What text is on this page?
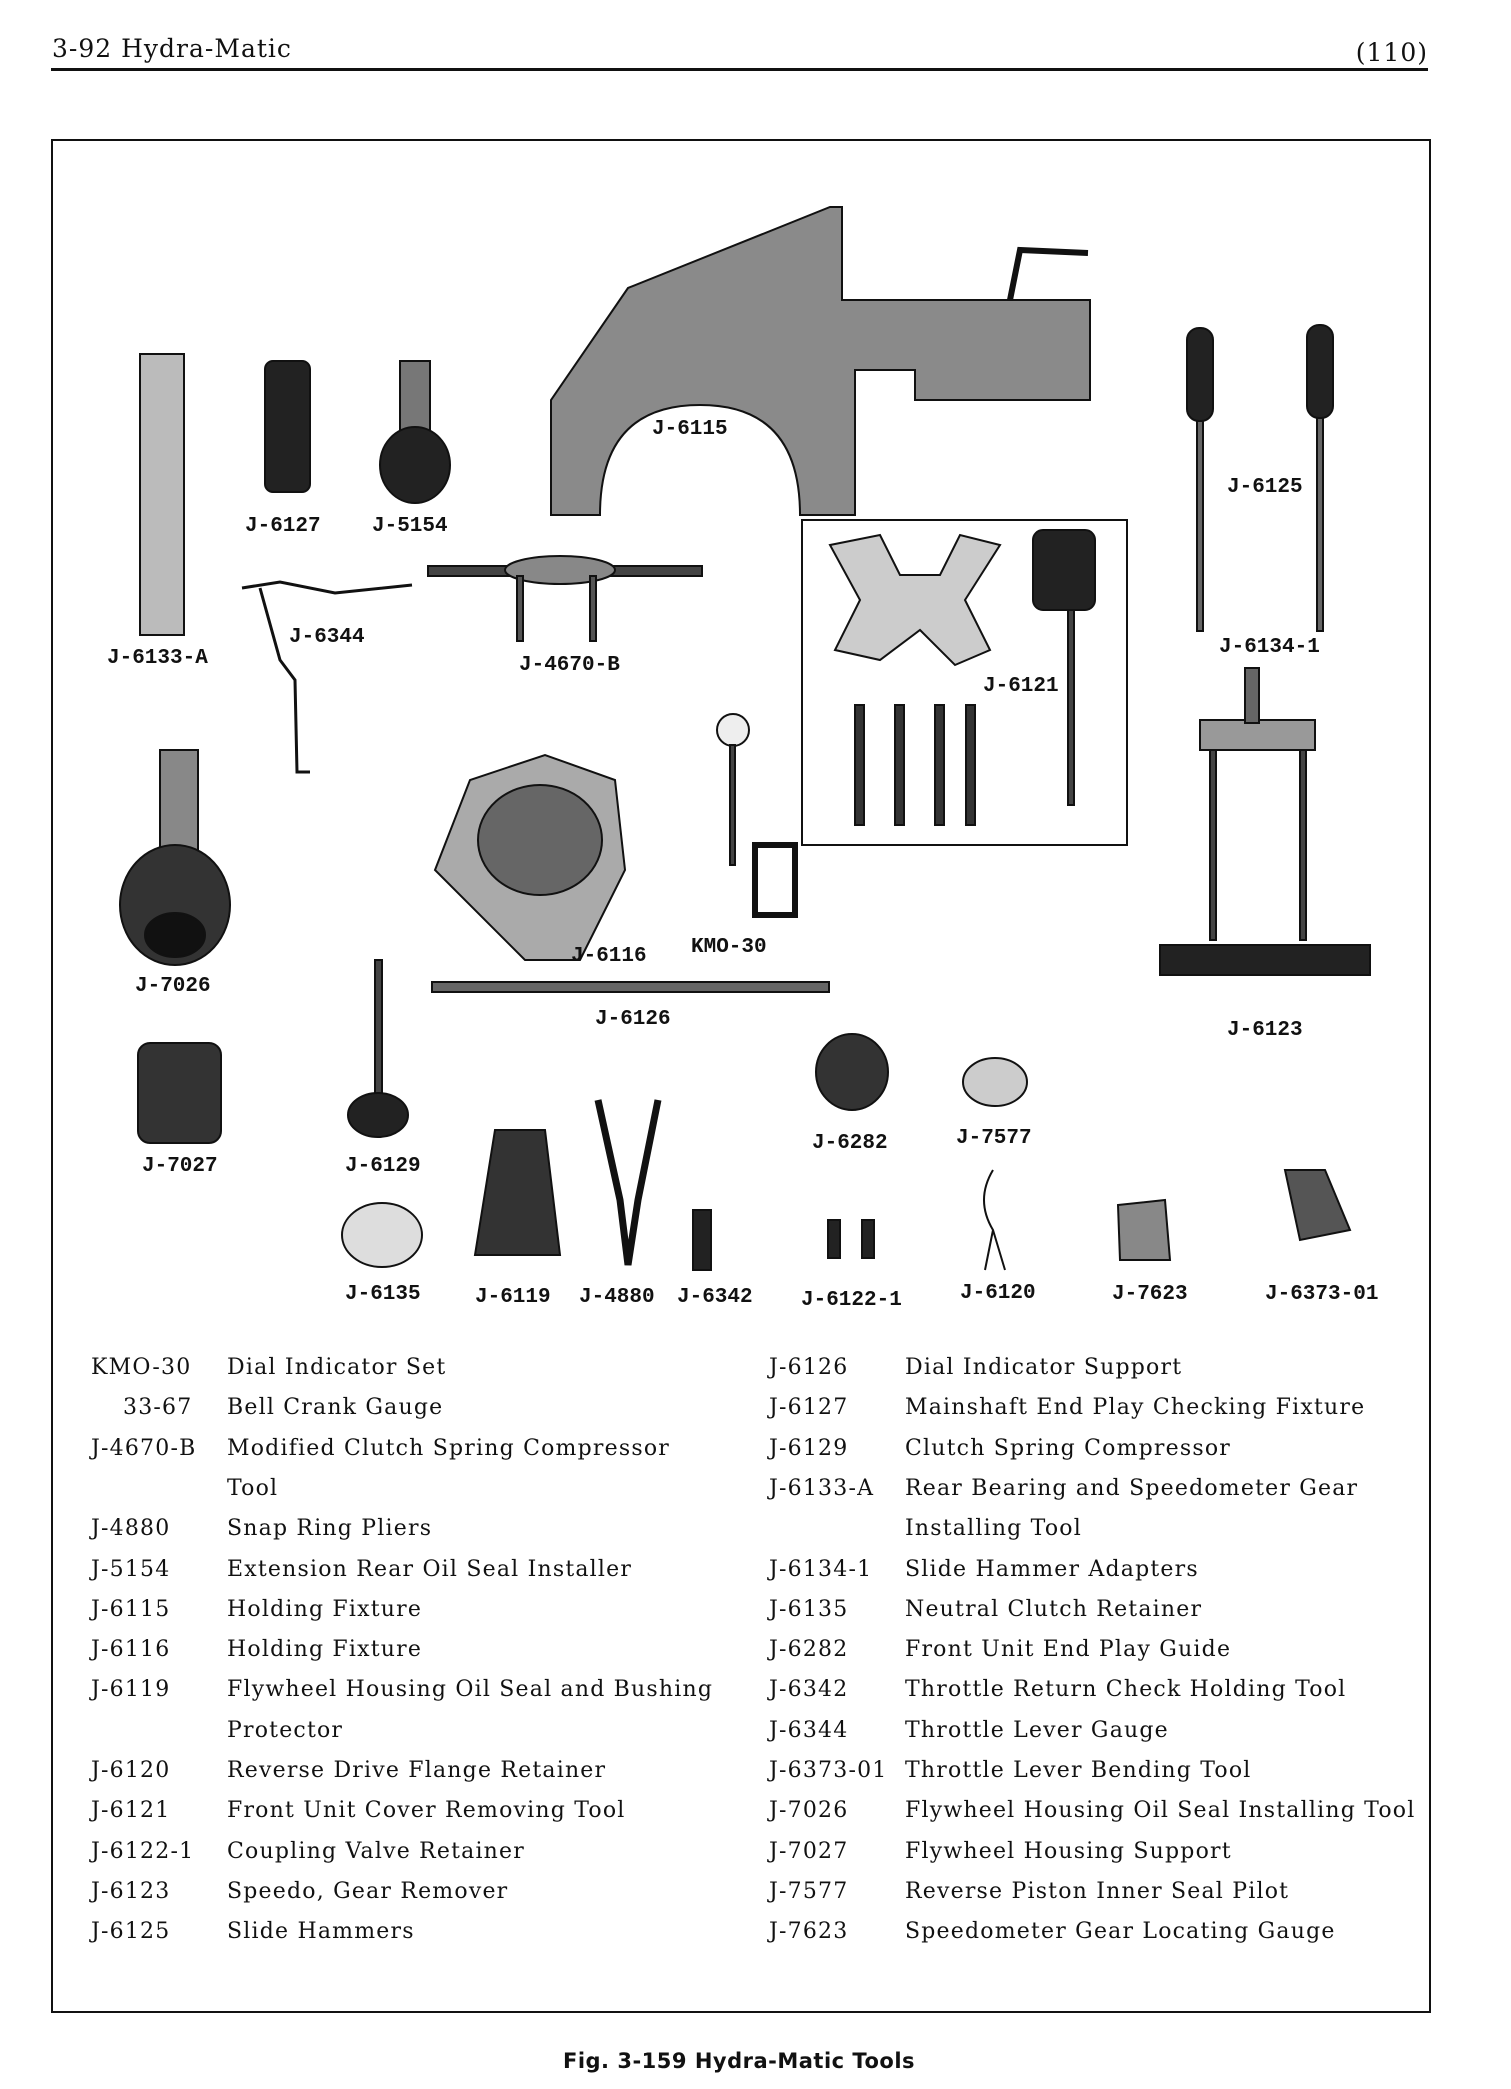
3-92 Hydra-Matic	(110)
J-6115
J-6127 J-5154
J-6125
J-6133-A
J-6344
J-4670-B
J-6121
J-6134-1
KMO-30
J-6116
J-7026
J-6126	J-6123
J-6282	J-7577
J-7027	J-6129
J-6135	J-6119 J-4880 J-6342 J-6122-1	J-6120	J-7623	J-6373-01
KMO-30 Dial Indicator Set
33-67 Bell Crank Gauge
J-4670-B Modified Clutch Spring Compressor
Tool
J-4880	Snap Ring Pliers
J-5154	Extension Rear Oil Seal Installer
J-6115	Holding Fixture
J-6116	Holding Fixture
J-6119	Flywheel Housing Oil Seal and Bushing
Protector
J-6120	Reverse Drive Flange Retainer
J-6121	Front Unit Cover Removing Tool
J-6122-1 Coupling Valve Retainer
J-6123	Speedo, Gear Remover
J-6125	Slide Hammers
J-6126	Dial Indicator Support
J-6127	Mainshaft End Play Checking Fixture
J-6129	Clutch Spring Compressor
J-6133-A Rear Bearing and Speedometer Gear
Installing Tool
J-6134-1 Slide Hammer Adapters
J-6135	Neutral Clutch Retainer
J-6282	Front Unit End Play Guide
J-6342	Throttle Return Check Holding Tool
J-6344	Throttle Lever Gauge
J-6373-01 Throttle Lever Bending Tool
J-7026	Flywheel Housing Oil Seal Installing Tool
J-7027	Flywheel Housing Support
J-7577	Reverse Piston Inner Seal Pilot
J-7623	Speedometer Gear Locating Gauge
Fig. 3-159 Hydra-Matic Tools
